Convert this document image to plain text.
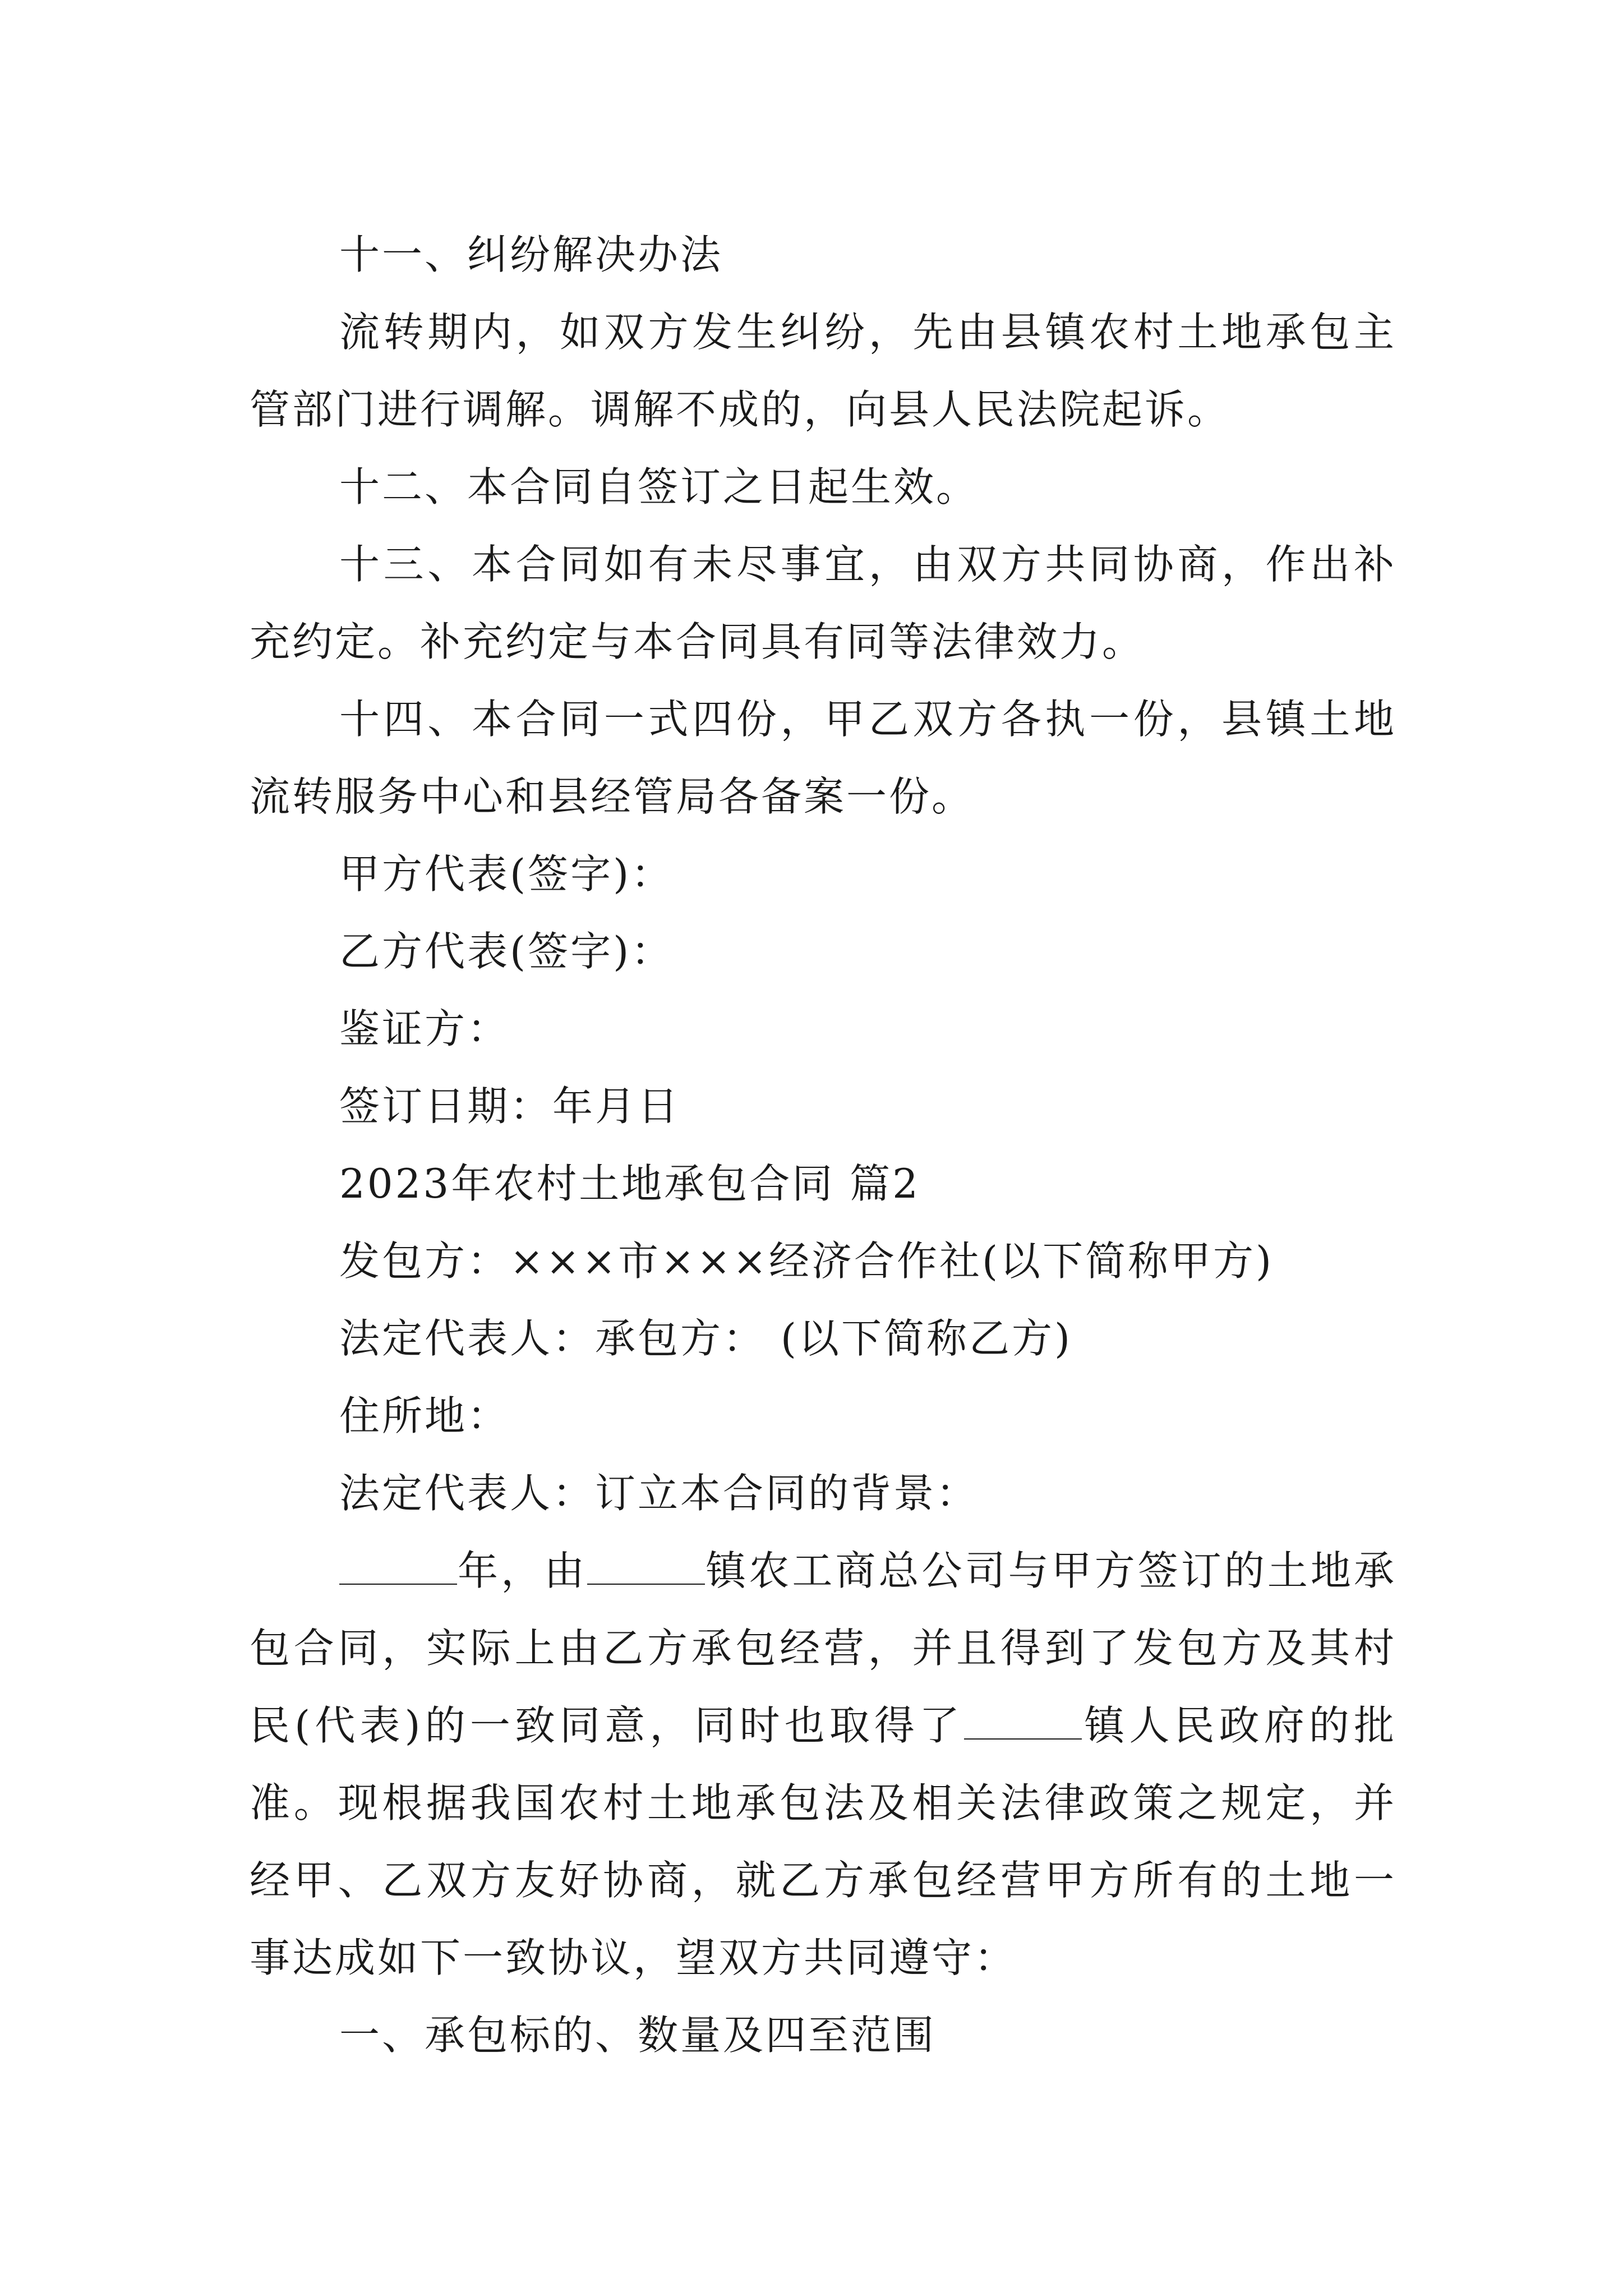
十一、纠纷解决办法

流转期内，如双方发生纠纷，先由县镇农村土地承包主管部门进行调解。调解不成的，向县人民法院起诉。

十二、本合同自签订之日起生效。

十三、本合同如有未尽事宜，由双方共同协商，作出补充约定。补充约定与本合同具有同等法律效力。

十四、本合同一式四份，甲乙双方各执一份，县镇土地流转服务中心和县经管局各备案一份。

甲方代表(签字)：

乙方代表(签字)：

鉴证方：

签订日期：年月日

2023年农村土地承包合同 篇2

发包方：×××市×××经济合作社(以下简称甲方)

法定代表人：承包方： (以下简称乙方)

住所地：

法定代表人：订立本合同的背景：

年，由	镇农工商总公司与甲方签订的土地承包合同，实际上由乙方承包经营，并且得到了发包方及其村民(代表)的一致同意，同时也取得了	镇人民政府的批准。现根据我国农村土地承包法及相关法律政策之规定，并经甲、乙双方友好协商，就乙方承包经营甲方所有的土地一事达成如下一致协议，望双方共同遵守：

一、承包标的、数量及四至范围
